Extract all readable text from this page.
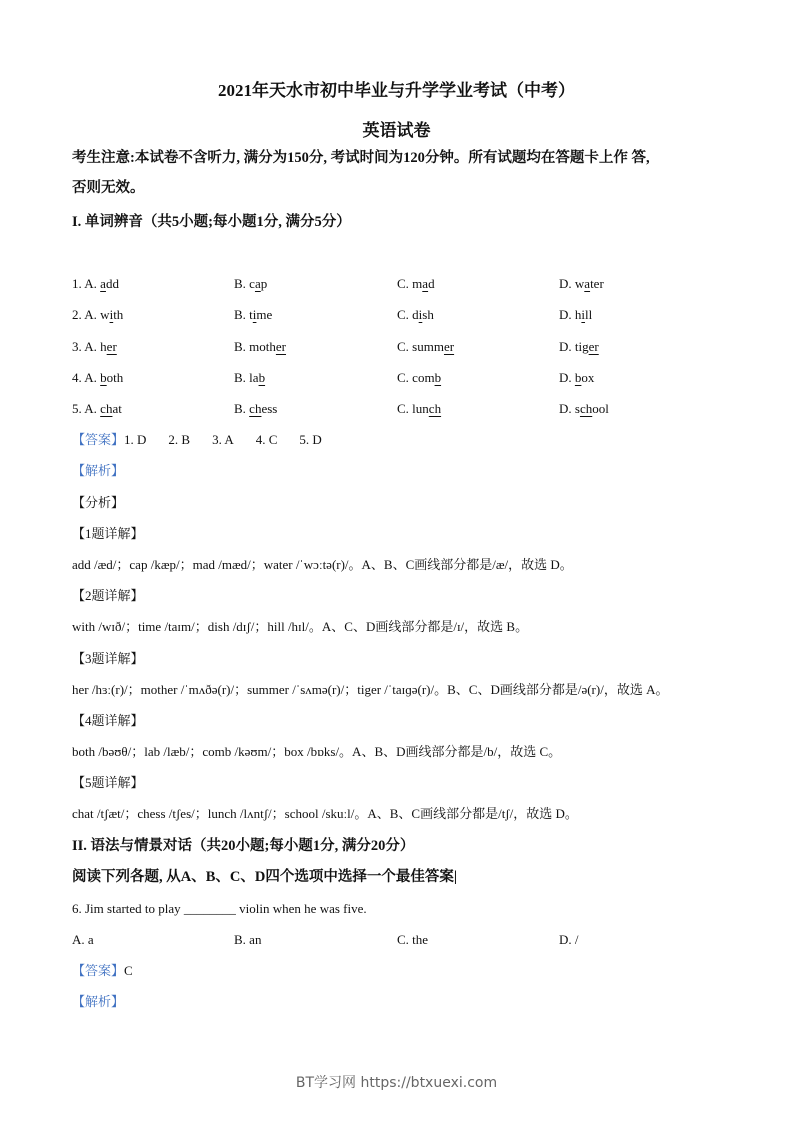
2021年天水市初中毕业与升学学业考试（中考）
英语试卷
考生注意:本试卷不含听力, 满分为150分, 考试时间为120分钟。所有试题均在答题卡上作 答,
否则无效。
I. 单词辨音（共5小题;每小题1分, 满分5分）
1. A. add	B. cap	C. mad	D. water
2. A. with	B. time	C. dish	D. hill
3. A. her	B. mother	C. summer	D. tiger
4. A. both	B. lab	C. comb	D. box
5. A. chat	B. chess	C. lunch	D. school
【答案】1. D 2. B 3. A 4. C 5. D
【解析】
【分析】
【1题详解】
add /æd/；cap /kæp/；mad /mæd/；water /ˈwɔːtə(r)/。A、B、C画线部分都是/æ/，故选 D。
【2题详解】
with /wɪð/；time /taɪm/；dish /dɪʃ/；hill /hɪl/。A、C、D画线部分都是/ɪ/，故选 B。
【3题详解】
her /hɜː(r)/；mother /ˈmʌðə(r)/；summer /ˈsʌmə(r)/；tiger /ˈtaɪɡə(r)/。B、C、D画线部分都是/ə(r)/，故选 A。
【4题详解】
both /bəʊθ/；lab /læb/；comb /kəʊm/；box /bɒks/。A、B、D画线部分都是/b/，故选 C。
【5题详解】
chat /tʃæt/；chess /tʃes/；lunch /lʌntʃ/；school /skuːl/。A、B、C画线部分都是/tʃ/，故选 D。
II. 语法与情景对话（共20小题;每小题1分, 满分20分）
阅读下列各题, 从A、B、C、D四个选项中选择一个最佳答案|
6. Jim started to play ________ violin when he was five.
A. a	B. an	C. the	D. /
【答案】C
【解析】
BT学习网 https://btxuexi.com
